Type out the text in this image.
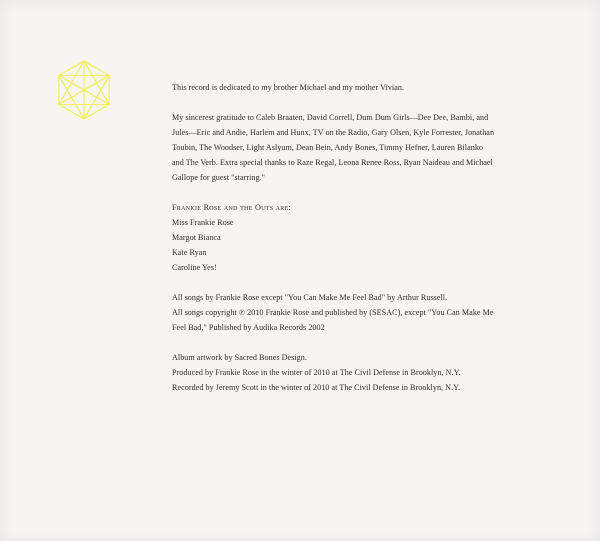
This record is dedicated to my brother Michael and my mother Vivian.

My sincerest gratitude to Caleb Braaten, David Correll, Dum Dum Girls—Dee Dee, Bambi, and
Jules—Eric and Andie, Harlem and Hunx, TV on the Radio, Gary Olsen, Kyle Forrester, Jonathan
Toubin, The Woodser, Light Aslyum, Dean Bein, Andy Bones, Timmy Hefner, Lauren Bilanko
and The Verb. Extra special thanks to Raze Regal, Leona Renee Ross, Ryan Naideau and Michael
Gallope for guest "starring."

Frankie Rose and the Outs are:
Miss Frankie Rose
Margot Bianca
Kate Ryan
Caroline Yes!

All songs by Frankie Rose except "You Can Make Me Feel Bad" by Arthur Russell.
All songs copyright ℗ 2010 Frankie Rose and published by (SESAC), except "You Can Make Me
Feel Bad," Published by Audika Records 2002

Album artwork by Sacred Bones Design.
Produced by Frankie Rose in the winter of 2010 at The Civil Defense in Brooklyn, N.Y.
Recorded by Jeremy Scott in the winter of 2010 at The Civil Defense in Brooklyn, N.Y.
